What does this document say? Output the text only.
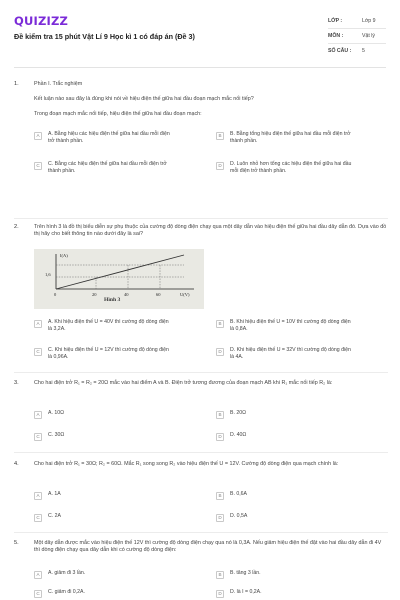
QUIZIZZ
Đề kiểm tra 15 phút Vật Lí 9 Học kì 1 có đáp án (Đề 3)
LỚP :	Lớp 9
MÔN :	Vật lý
SỐ CÂU : 5
1.	Phần I. Trắc nghiệm
Kết luận nào sau đây là đúng khi nói về hiệu điện thế giữa hai đầu đoạn mạch mắc nối tiếp?
Trong đoạn mạch mắc nối tiếp, hiệu điện thế giữa hai đầu đoạn mạch:
A	A. Bằng hiệu các hiệu điện thế giữa hai đầu mỗi điện trở thành phần.
B	B. Bằng tổng hiệu điện thế giữa hai đầu mỗi điện trở thành phần.
C	C. Bằng các hiệu điện thế giữa hai đầu mỗi điện trở thành phần.
D	D. Luôn nhỏ hơn tổng các hiệu điện thế giữa hai đầu mỗi điện trở thành phần.
2.	Trên hình 3 là đồ thị biểu diễn sự phụ thuộc của cường độ dòng điện chạy qua một dây dẫn vào hiệu điện thế giữa hai đầu dây dẫn đó. Dựa vào đồ thị hãy cho biết thông tin nào dưới đây là sai?
I(A)
1,6
0	20	40	60	U(V)
Hình 3
A	A. Khi hiệu điện thế U = 40V thì cường độ dòng điện là 3,2A.
B	B. Khi hiệu điện thế U = 10V thì cường độ dòng điện là 0,8A.
C	C. Khi hiệu điện thế U = 12V thì cường độ dòng điện là 0,96A.
D	D. Khi hiệu điện thế U = 32V thì cường độ dòng điện là 4A.
3.	Cho hai điện trở R₁ = R₂ = 20Ω mắc vào hai điểm A và B. Điện trở tương đương của đoạn mạch AB khi R₁ mắc nối tiếp R₂ là:
A	A. 10Ω	B	B. 20Ω
C	C. 30Ω	D	D. 40Ω
4.	Cho hai điện trở R₁ = 30Ω; R₂ = 60Ω. Mắc R₁ song song R₂ vào hiệu điện thế U = 12V. Cường độ dòng điện qua mạch chính là:
A	A. 1A	B	B. 0,6A
C	C. 2A	D	D. 0,5A
5.	Một dây dẫn được mắc vào hiệu điện thế 12V thì cường độ dòng điện chạy qua nó là 0,3A. Nếu giảm hiệu điện thế đặt vào hai đầu dây dẫn đi 4V thì dòng điện chạy qua dây dẫn khi có cường độ dòng điện:
A	A. giảm đi 3 lần.	B	B. tăng 3 lần.
C	C. giảm đi 0,2A.	D	D. là I = 0,2A.
